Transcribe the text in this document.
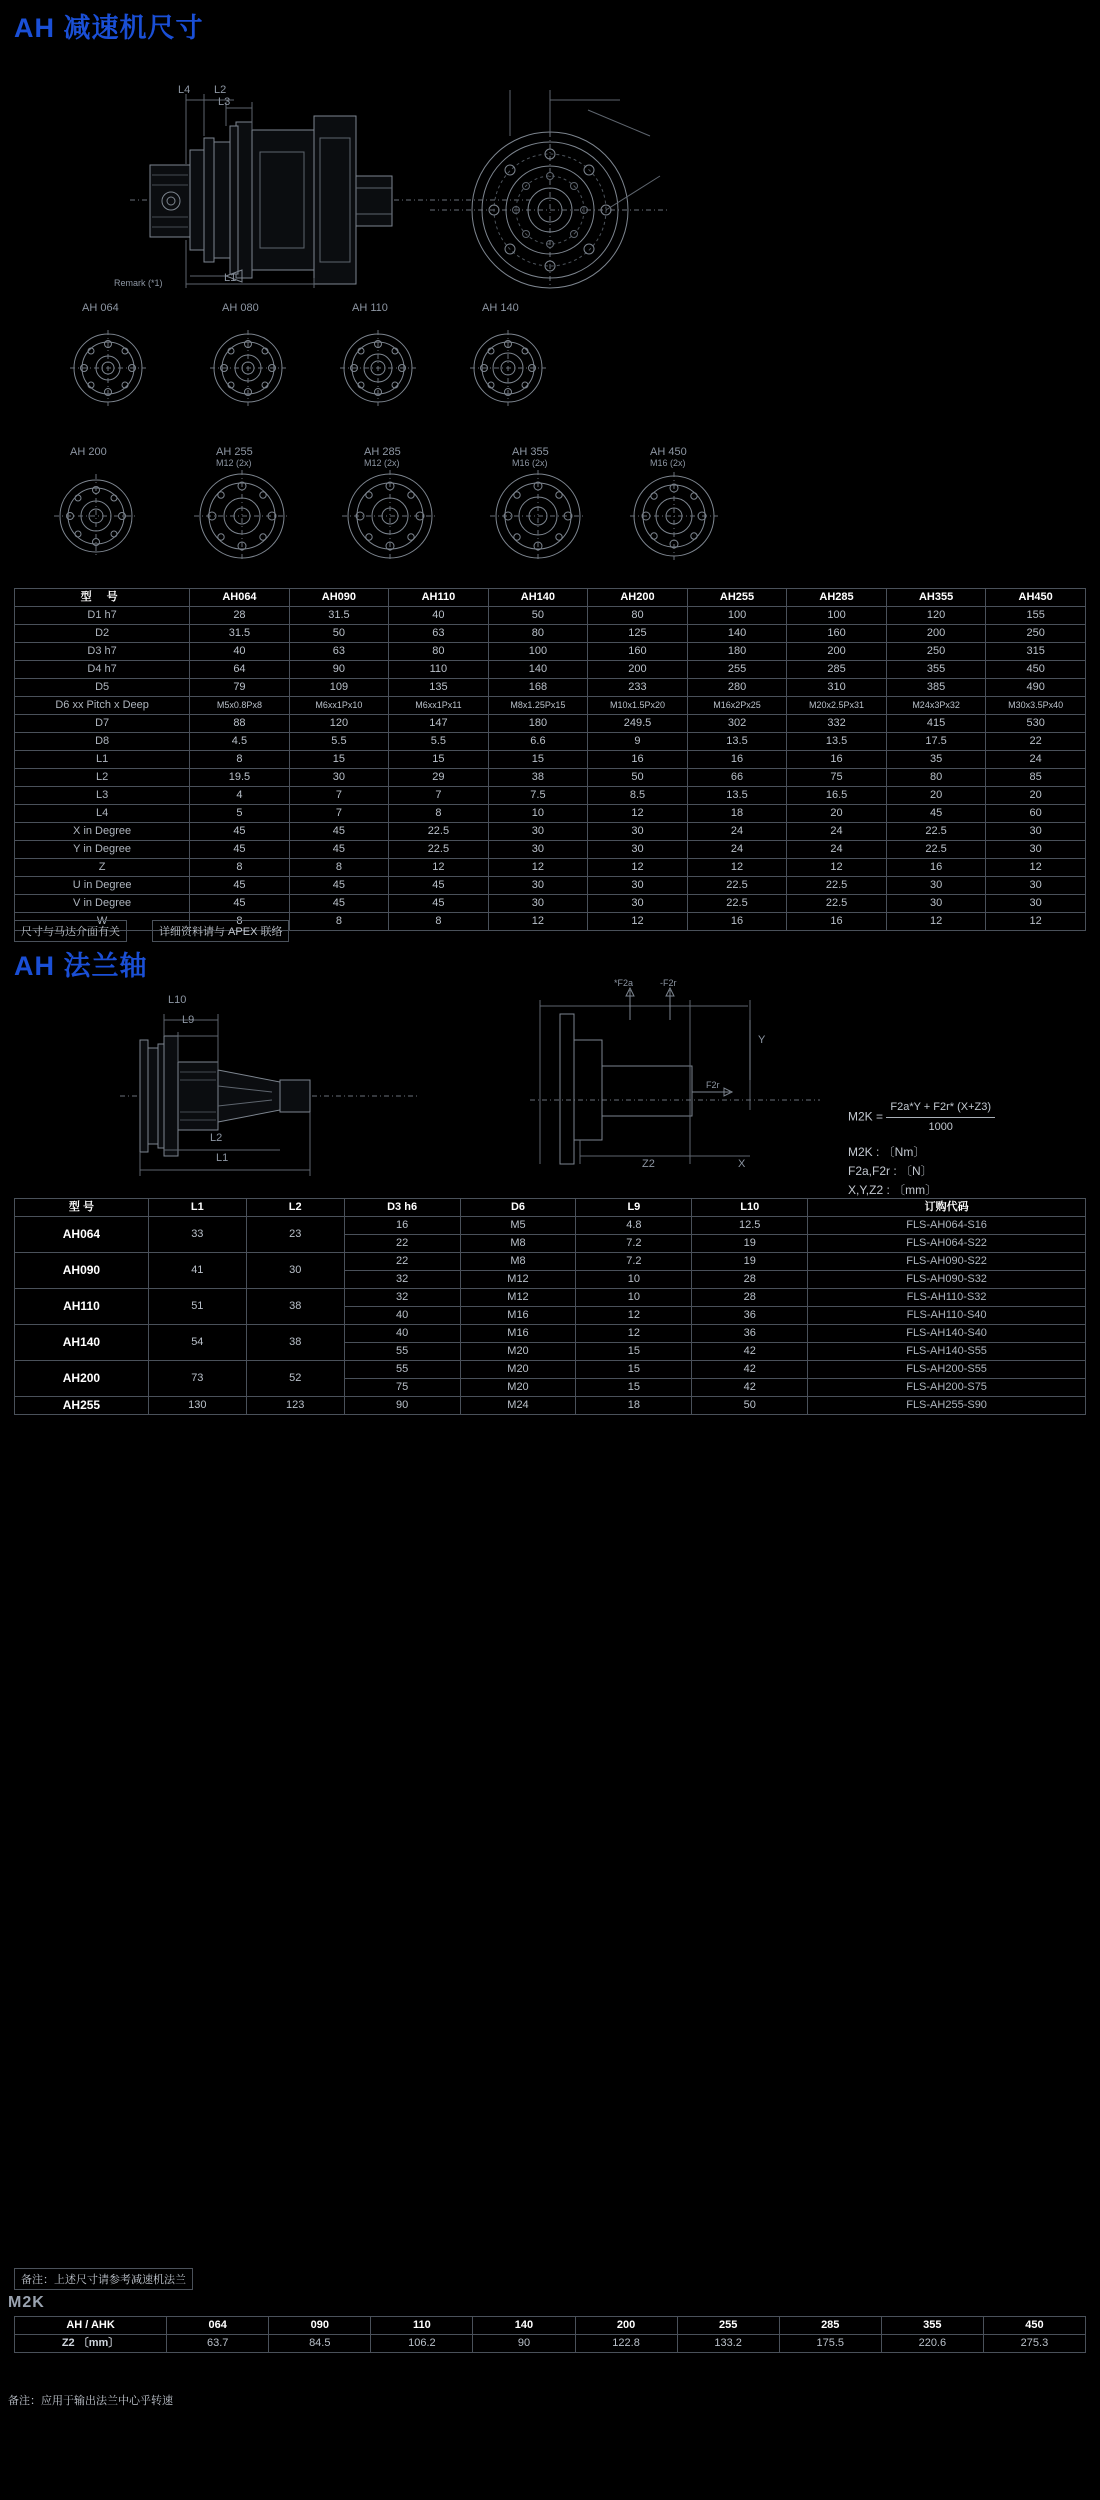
AH 减速机尺寸
L4 L2
L3
L1
Remark (*1)
AH 064	AH 080	AH 110	AH 140
AH 200	AH 255	AH 285	AH 355	AH 450
M12 (2x)	M12 (2x)	M16 (2x)	M16 (2x)
型 号	AH064	AH090	AH110	AH140	AH200	AH255	AH285	AH355	AH450
D1 h7	28	31.5	40	50	80	100	100	120	155
D2	31.5	50	63	80	125	140	160	200	250
D3 h7	40	63	80	100	160	180	200	250	315
D4 h7	64	90	110	140	200	255	285	355	450
D5	79	109	135	168	233	280	310	385	490
D6 xx Pitch x Deep	M5x0.8Px8	M6xx1Px10	M6xx1Px11	M8x1.25Px15	M10x1.5Px20	M16x2Px25	M20x2.5Px31	M24x3Px32	M30x3.5Px40
D7	88	120	147	180	249.5	302	332	415	530
D8	4.5	5.5	5.5	6.6	9	13.5	13.5	17.5	22
L1	8	15	15	15	16	16	16	35	24
L2	19.5	30	29	38	50	66	75	80	85
L3	4	7	7	7.5	8.5	13.5	16.5	20	20
L4	5	7	8	10	12	18	20	45	60
X in Degree	45	45	22.5	30	30	24	24	22.5	30
Y in Degree	45	45	22.5	30	30	24	24	22.5	30
Z	8	8	12	12	12	12	12	16	12
U in Degree	45	45	45	30	30	22.5	22.5	30	30
V in Degree	45	45	45	30	30	22.5	22.5	30	30
W	8	8	8	12	12	16	16	12	12
尺寸与马达介面有关	详细资料请与 APEX 联络
AH 法兰轴
L10
L9
L2
L1
*F2a	-F2r
F2r
Y
Z2	X
$M2K = \frac{F2a*Y + F2r* (X+Z3)}{1000}$
M2K : 〔Nm〕
F2a,F2r : 〔N〕
X,Y,Z2 : 〔mm〕
型 号	L1	L2	D3 h6	D6	L9	L10	订购代码
AH064	33	23	16	M5	4.8	12.5	FLS-AH064-S16
			22	M8	7.2	19	FLS-AH064-S22
AH090	41	30	22	M8	7.2	19	FLS-AH090-S22
			32	M12	10	28	FLS-AH090-S32
AH110	51	38	32	M12	10	28	FLS-AH110-S32
			40	M16	12	36	FLS-AH110-S40
AH140	54	38	40	M16	12	36	FLS-AH140-S40
			55	M20	15	42	FLS-AH140-S55
AH200	73	52	55	M20	15	42	FLS-AH200-S55
			75	M20	15	42	FLS-AH200-S75
AH255	130	123	90	M24	18	50	FLS-AH255-S90
备注：上述尺寸请参考减速机法兰
M2K
AH / AHK	064	090	110	140	200	255	285	355	450
Z2 〔mm〕	63.7	84.5	106.2	90	122.8	133.2	175.5	220.6	275.3
备注：应用于输出法兰中心乎转速
